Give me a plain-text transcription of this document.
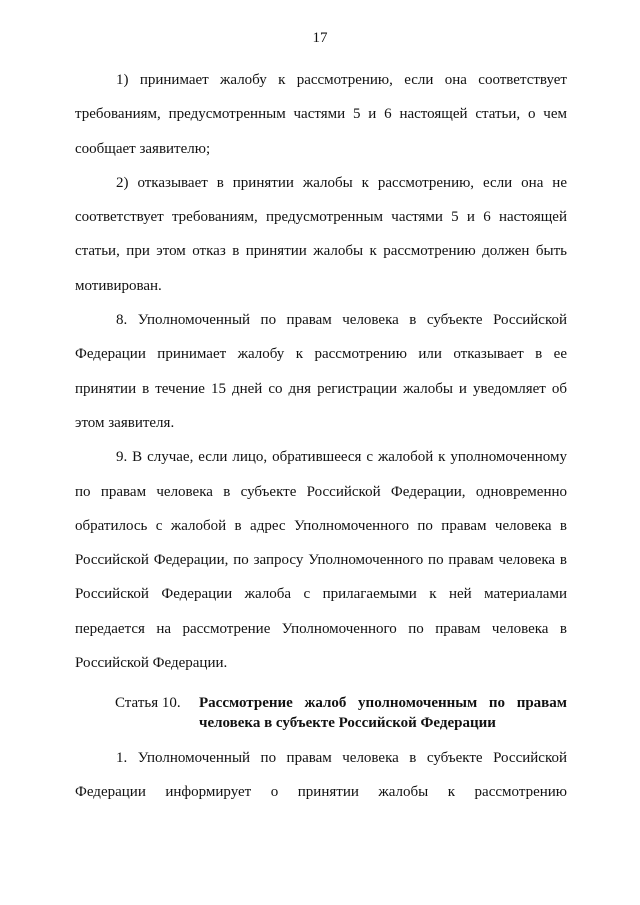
17

1) принимает жалобу к рассмотрению, если она соответствует требованиям, предусмотренным частями 5 и 6 настоящей статьи, о чем сообщает заявителю;

2) отказывает в принятии жалобы к рассмотрению, если она не соответствует требованиям, предусмотренным частями 5 и 6 настоящей статьи, при этом отказ в принятии жалобы к рассмотрению должен быть мотивирован.

8. Уполномоченный по правам человека в субъекте Российской Федерации принимает жалобу к рассмотрению или отказывает в ее принятии в течение 15 дней со дня регистрации жалобы и уведомляет об этом заявителя.

9. В случае, если лицо, обратившееся с жалобой к уполномоченному по правам человека в субъекте Российской Федерации, одновременно обратилось с жалобой в адрес Уполномоченного по правам человека в Российской Федерации, по запросу Уполномоченного по правам человека в Российской Федерации жалоба с прилагаемыми к ней материалами передается на рассмотрение Уполномоченного по правам человека в Российской Федерации.

Статья 10.	Рассмотрение жалоб уполномоченным по правам человека в субъекте Российской Федерации

1. Уполномоченный по правам человека в субъекте Российской Федерации информирует о принятии жалобы к рассмотрению
